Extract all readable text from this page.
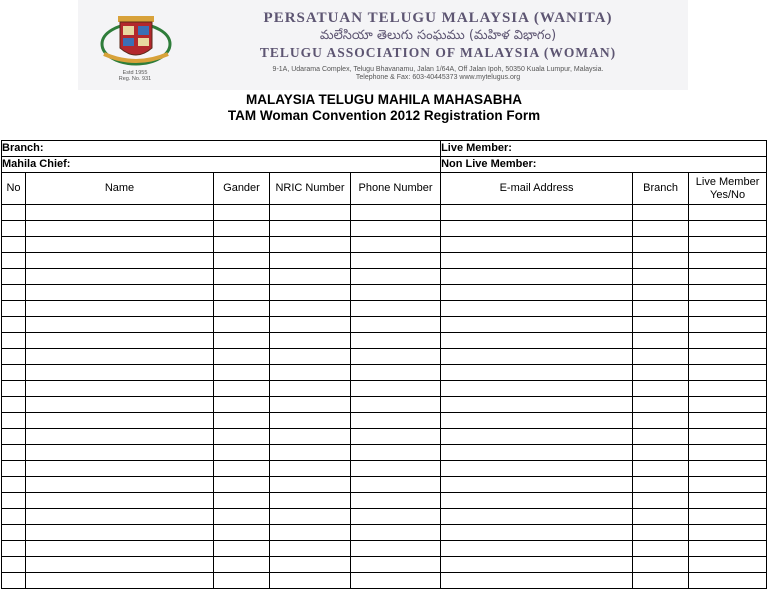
Estd 1955
Reg. No. 931
PERSATUAN TELUGU MALAYSIA (WANITA)
మలేసియా తెలుగు సంఘము (మహిళ విభాగం)
TELUGU ASSOCIATION OF MALAYSIA (WOMAN)
9-1A, Udarama Complex, Telugu Bhavanamu, Jalan 1/64A, Off Jalan Ipoh, 50350 Kuala Lumpur, Malaysia.
Telephone & Fax: 603-40445373 www.mytelugus.org
MALAYSIA TELUGU MAHILA MAHASABHA
TAM Woman Convention 2012 Registration Form
Branch:					Live Member:		
Mahila Chief:					Non Live Member:		
No	Name	Gander	NRIC Number	Phone Number	E-mail Address	Branch	Live Member Yes/No
